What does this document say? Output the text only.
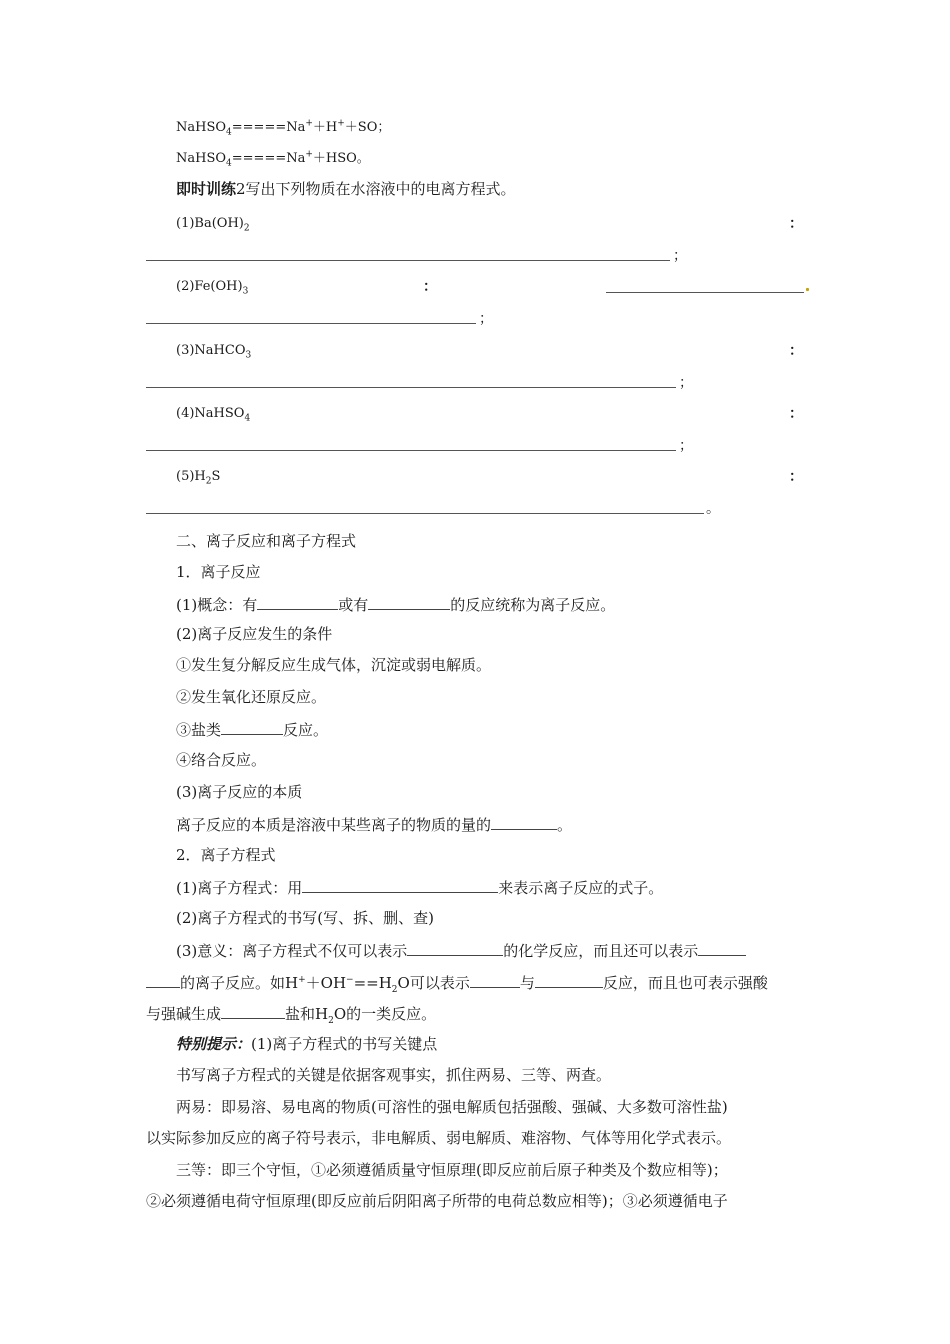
NaHSO$_4$=====Na+＋H+＋SO；
NaHSO$_4$=====Na+＋HSO。
即时训练2写出下列物质在水溶液中的电离方程式。
$(1)Ba(OH)_2$	：
；
$(2)Fe(OH)_3$	：
；
(3)NaHCO$_3$	：
；
(4)NaHSO$_4$	：
；
$(5)H_2S$	：
。
二、离子反应和离子方程式
1．离子反应
(1)概念：有	或有	的反应统称为离子反应。
(2)离子反应发生的条件
①发生复分解反应生成气体，沉淀或弱电解质。
②发生氧化还原反应。
③盐类	反应。
④络合反应。
(3)离子反应的本质
离子反应的本质是溶液中某些离子的物质的量的	。
2．离子方程式
(1)离子方程式：用	来表示离子反应的式子。
(2)离子方程式的书写(写、拆、删、查)
(3)意义：离子方程式不仅可以表示	的化学反应，而且还可以表示
的离子反应。如$H^++OH^-==H_2O$可以表示	与	反应，而且也可表示强酸
与强碱生成	盐和$H_2O$的一类反应。
特别提示：(1)离子方程式的书写关键点
书写离子方程式的关键是依据客观事实，抓住两易、三等、两查。
两易：即易溶、易电离的物质(可溶性的强电解质包括强酸、强碱、大多数可溶性盐)
以实际参加反应的离子符号表示，非电解质、弱电解质、难溶物、气体等用化学式表示。
三等：即三个守恒，①必须遵循质量守恒原理(即反应前后原子种类及个数应相等)；
②必须遵循电荷守恒原理(即反应前后阴阳离子所带的电荷总数应相等)；③必须遵循电子
